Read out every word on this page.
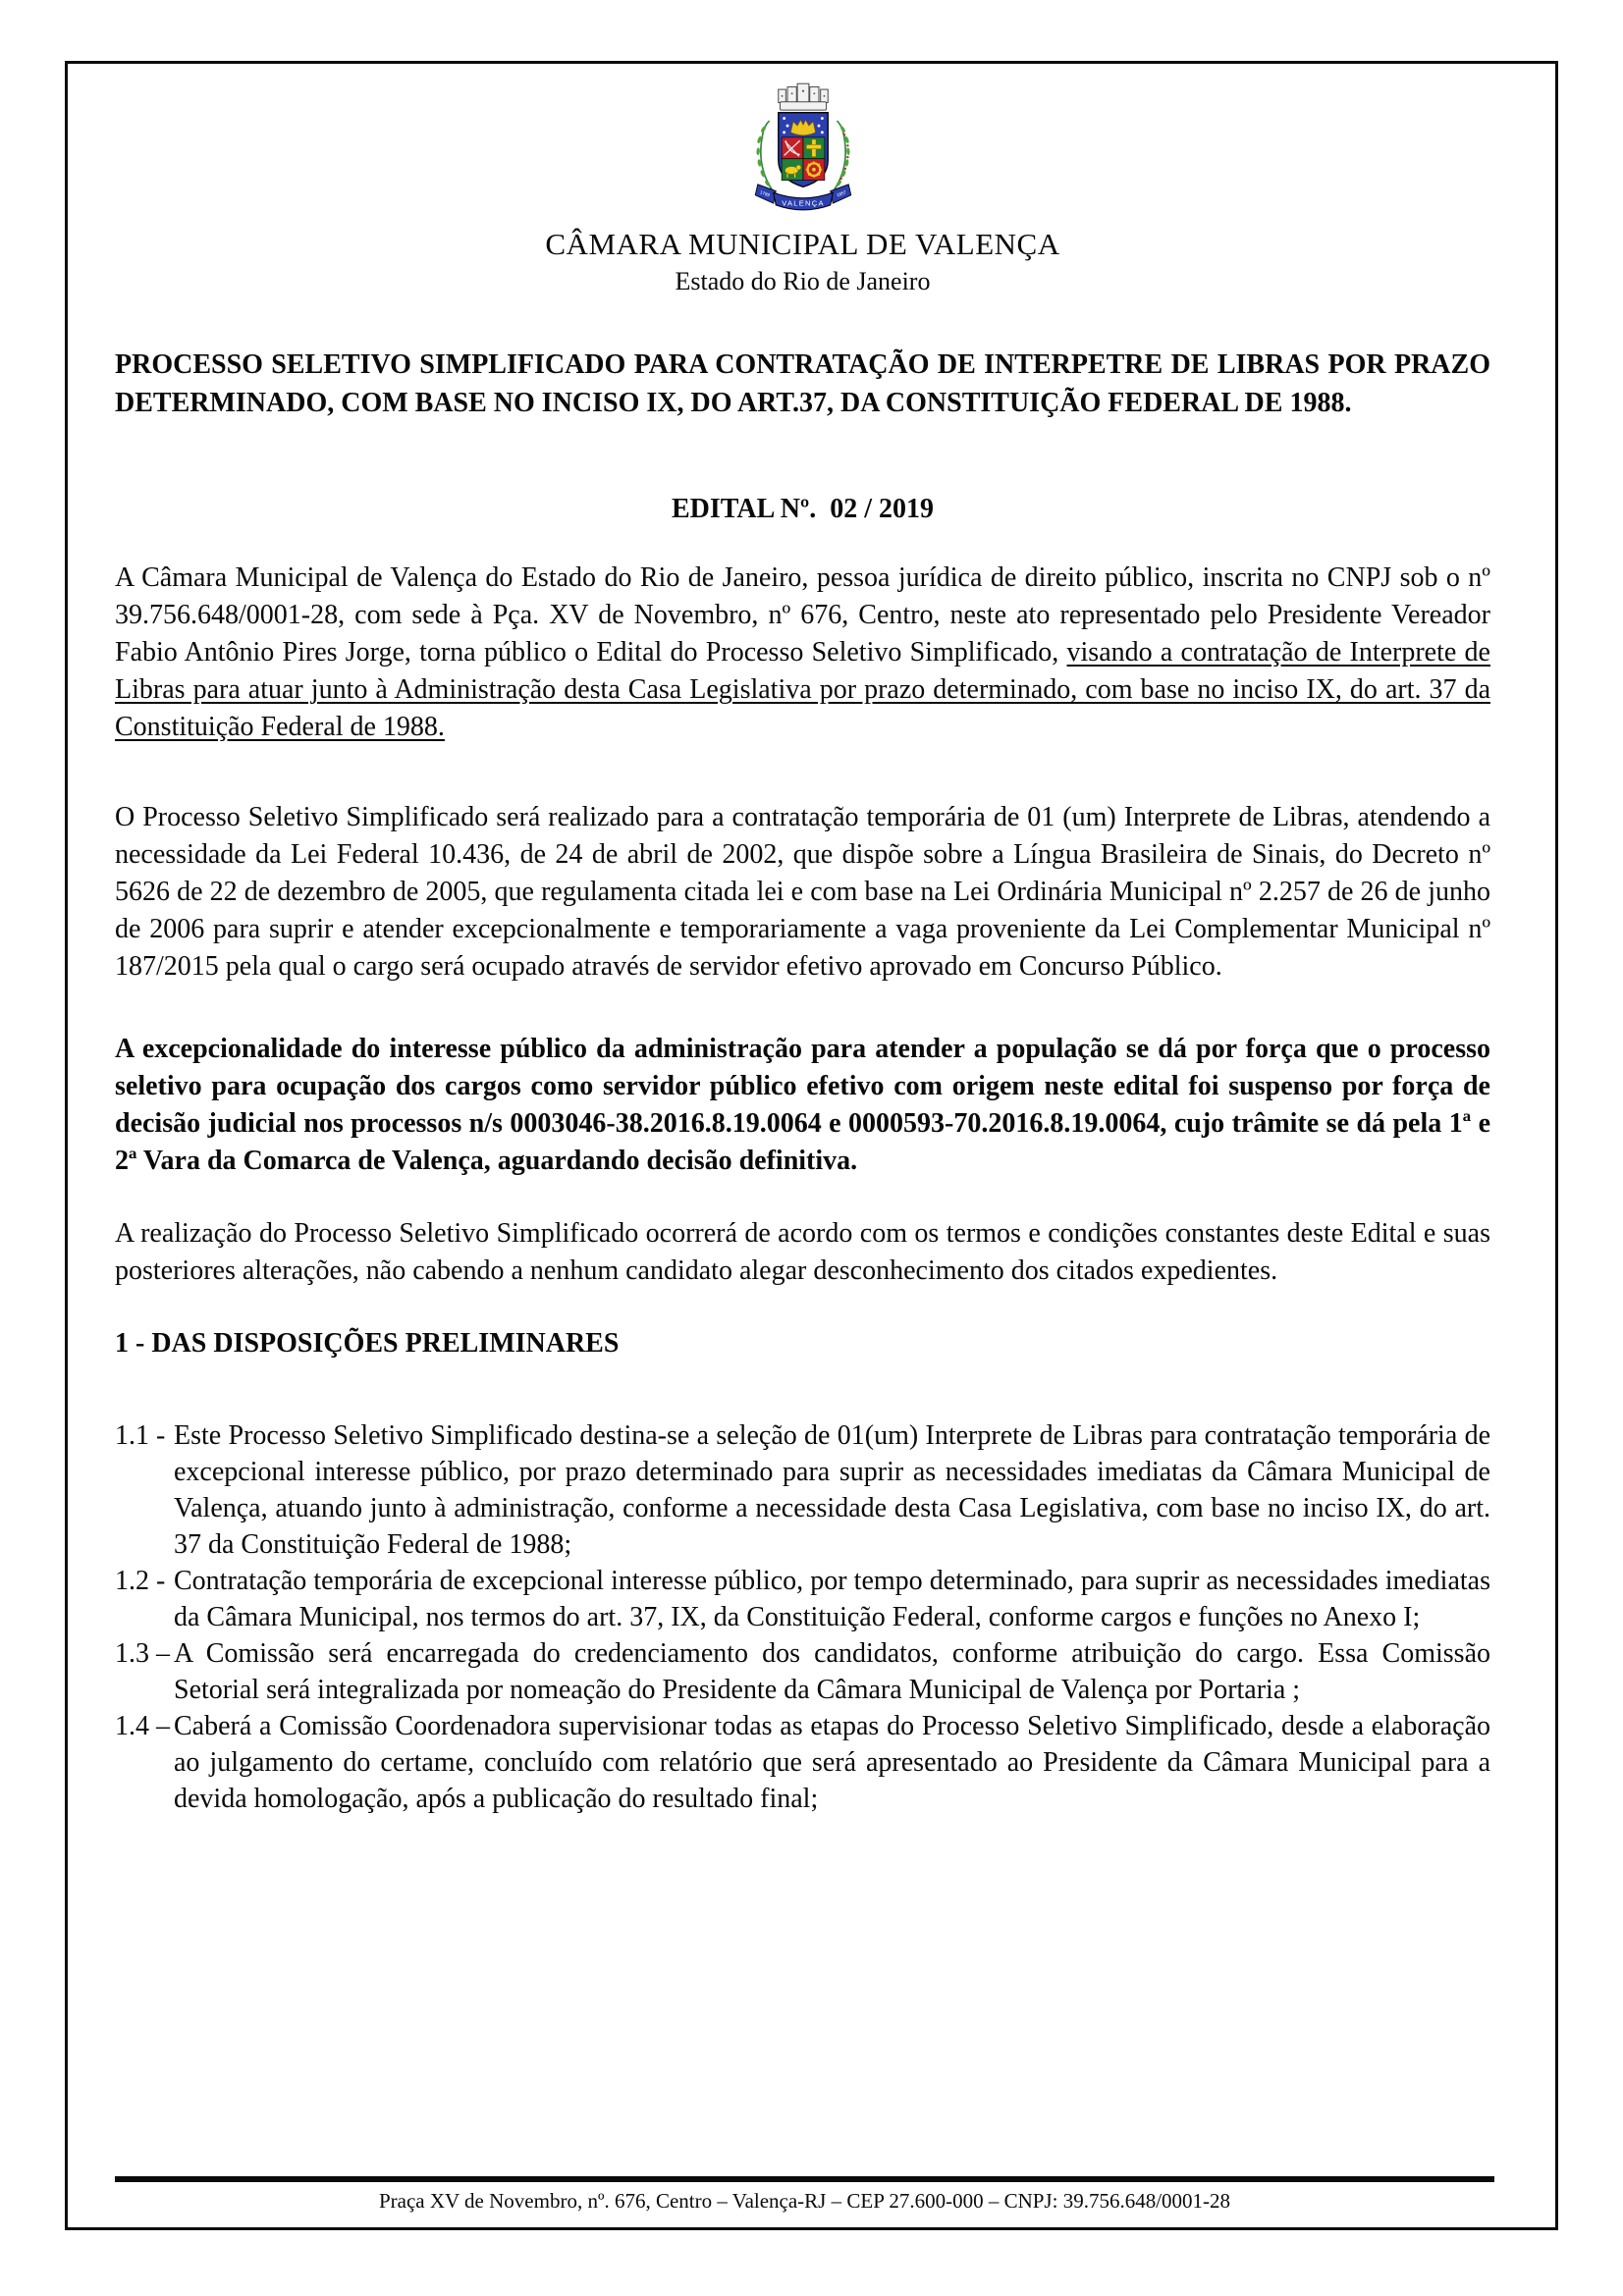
1789
VALENÇA
1857
CÂMARA MUNICIPAL DE VALENÇA
Estado do Rio de Janeiro

PROCESSO SELETIVO SIMPLIFICADO PARA CONTRATAÇÃO DE INTERPETRE DE LIBRAS POR PRAZO DETERMINADO, COM BASE NO INCISO IX, DO ART.37, DA CONSTITUIÇÃO FEDERAL DE 1988.

EDITAL Nº.  02 / 2019

A Câmara Municipal de Valença do Estado do Rio de Janeiro, pessoa jurídica de direito público, inscrita no CNPJ sob o nº 39.756.648/0001-28, com sede à Pça. XV de Novembro, nº 676, Centro, neste ato representado pelo Presidente Vereador Fabio Antônio Pires Jorge, torna público o Edital do Processo Seletivo Simplificado, visando a contratação de Interprete de Libras para atuar junto à Administração desta Casa Legislativa por prazo determinado, com base no inciso IX, do art. 37 da Constituição Federal de 1988.

O Processo Seletivo Simplificado será realizado para a contratação temporária de 01 (um) Interprete de Libras, atendendo a necessidade da Lei Federal 10.436, de 24 de abril de 2002, que dispõe sobre a Língua Brasileira de Sinais, do Decreto nº 5626 de 22 de dezembro de 2005, que regulamenta citada lei e com base na Lei Ordinária Municipal nº 2.257 de 26 de junho de 2006 para suprir e atender excepcionalmente e temporariamente a vaga proveniente da Lei Complementar Municipal nº 187/2015 pela qual o cargo será ocupado através de servidor efetivo aprovado em Concurso Público.

A excepcionalidade do interesse público da administração para atender a população se dá por força que o processo seletivo para ocupação dos cargos como servidor público efetivo com origem neste edital foi suspenso por força de decisão judicial nos processos n/s 0003046-38.2016.8.19.0064 e 0000593-70.2016.8.19.0064, cujo trâmite se dá pela 1ª e 2ª Vara da Comarca de Valença, aguardando decisão definitiva.

A realização do Processo Seletivo Simplificado ocorrerá de acordo com os termos e condições constantes deste Edital e suas posteriores alterações, não cabendo a nenhum candidato alegar desconhecimento dos citados expedientes.

1 - DAS DISPOSIÇÕES PRELIMINARES
1.1 - Este Processo Seletivo Simplificado destina-se a seleção de 01(um) Interprete de Libras para contratação temporária de excepcional interesse público, por prazo determinado para suprir as necessidades imediatas da Câmara Municipal de Valença, atuando junto à administração, conforme a necessidade desta Casa Legislativa, com base no inciso IX, do art. 37 da Constituição Federal de 1988;
1.2 - Contratação temporária de excepcional interesse público, por tempo determinado, para suprir as necessidades imediatas da Câmara Municipal, nos termos do art. 37, IX, da Constituição Federal, conforme cargos e funções no Anexo I;
1.3 – A Comissão será encarregada do credenciamento dos candidatos, conforme atribuição do cargo. Essa Comissão Setorial será integralizada por nomeação do Presidente da Câmara Municipal de Valença por Portaria ;
1.4 – Caberá a Comissão Coordenadora supervisionar todas as etapas do Processo Seletivo Simplificado, desde a elaboração ao julgamento do certame, concluído com relatório que será apresentado ao Presidente da Câmara Municipal para a devida homologação, após a publicação do resultado final;
Praça XV de Novembro, nº. 676, Centro – Valença-RJ – CEP 27.600-000 – CNPJ: 39.756.648/0001-28
